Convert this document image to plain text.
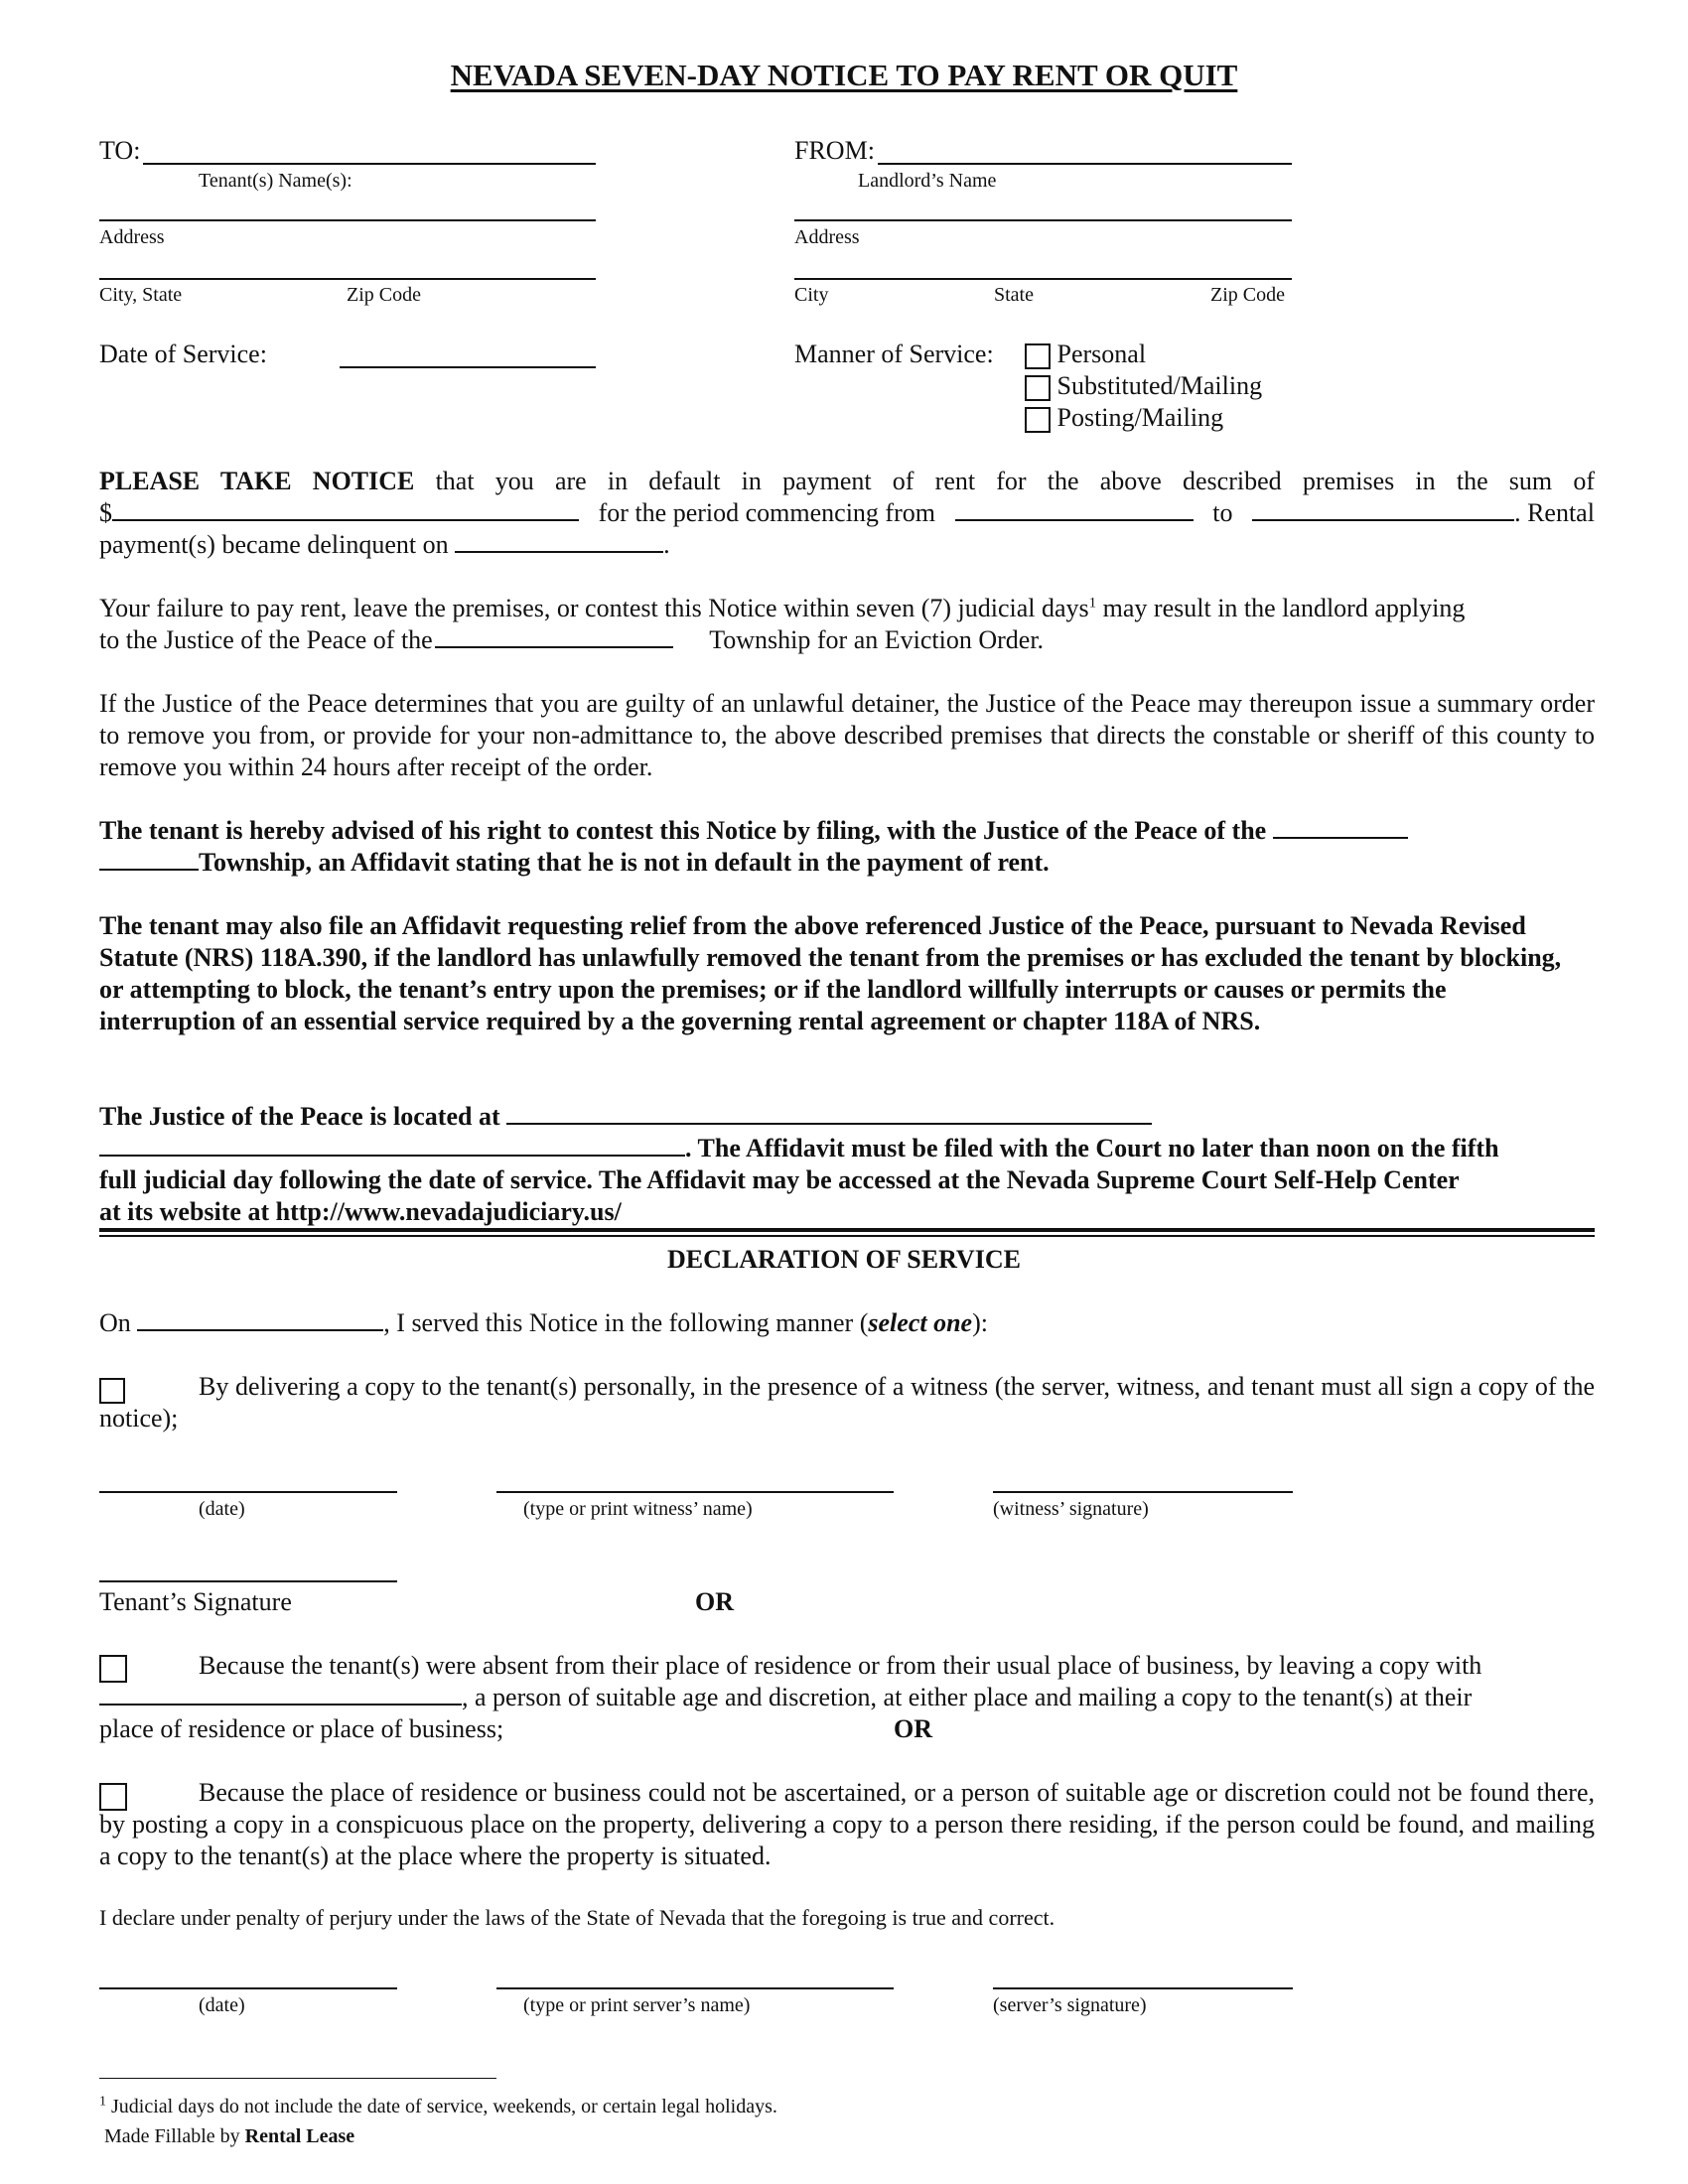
NEVADA SEVEN-DAY NOTICE TO PAY RENT OR QUIT
TO:
Tenant(s) Name(s):
Address
City, State	Zip Code
Date of Service:
FROM:
Landlord’s Name
Address
City	State	Zip Code
Manner of Service:	Personal
Substituted/Mailing
Posting/Mailing
PLEASE TAKE NOTICE that you are in default in payment of rent for the above described premises in the sum of
$	for the period commencing from	to	. Rental
payment(s) became delinquent on	.
Your failure to pay rent, leave the premises, or contest this Notice within seven (7) judicial days$^1$ may result in the landlord applying
to the Justice of the Peace of the	Township for an Eviction Order.
If the Justice of the Peace determines that you are guilty of an unlawful detainer, the Justice of the Peace may thereupon issue a summary order to remove you from, or provide for your non-admittance to, the above described premises that directs the constable or sheriff of this county to remove you within 24 hours after receipt of the order.
The tenant is hereby advised of his right to contest this Notice by filing, with the Justice of the Peace of the
Township, an Affidavit stating that he is not in default in the payment of rent.
The tenant may also file an Affidavit requesting relief from the above referenced Justice of the Peace, pursuant to Nevada Revised Statute (NRS) 118A.390, if the landlord has unlawfully removed the tenant from the premises or has excluded the tenant by blocking, or attempting to block, the tenant’s entry upon the premises; or if the landlord willfully interrupts or causes or permits the interruption of an essential service required by a the governing rental agreement or chapter 118A of NRS.
The Justice of the Peace is located at
. The Affidavit must be filed with the Court no later than noon on the fifth
full judicial day following the date of service. The Affidavit may be accessed at the Nevada Supreme Court Self-Help Center
at its website at http://www.nevadajudiciary.us/
DECLARATION OF SERVICE
On	, I served this Notice in the following manner (select one):
By delivering a copy to the tenant(s) personally, in the presence of a witness (the server, witness, and tenant must all sign a copy of the notice);
(date)	(type or print witness’ name)	(witness’ signature)
Tenant’s Signature	OR
Because the tenant(s) were absent from their place of residence or from their usual place of business, by leaving a copy with
, a person of suitable age and discretion, at either place and mailing a copy to the tenant(s) at their
place of residence or place of business;	OR
Because the place of residence or business could not be ascertained, or a person of suitable age or discretion could not be found there, by posting a copy in a conspicuous place on the property, delivering a copy to a person there residing, if the person could be found, and mailing a copy to the tenant(s) at the place where the property is situated.
I declare under penalty of perjury under the laws of the State of Nevada that the foregoing is true and correct.
(date)	(type or print server’s name)	(server’s signature)
$^1$ Judicial days do not include the date of service, weekends, or certain legal holidays.
Made Fillable by Rental Lease
